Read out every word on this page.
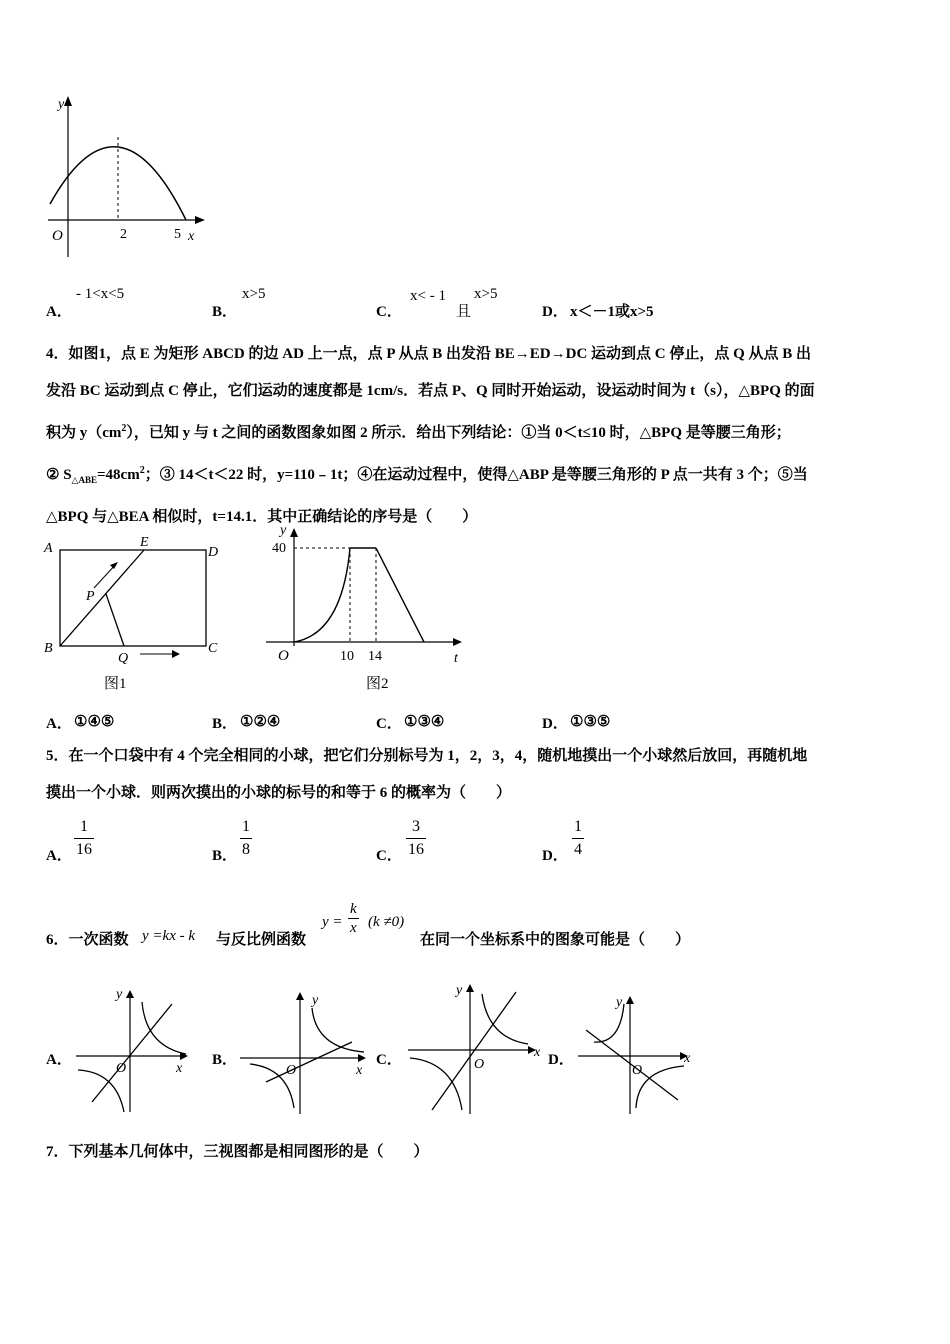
y
O	2	5 x
A．
- 1<x<5
B．
x>5
C．
x< - 1
且
x>5
D． x＜－1或x>5
4．如图1，点 E 为矩形 ABCD 的边 AD 上一点，点 P 从点 B 出发沿 BE→ED→DC 运动到点 C 停止，点 Q 从点 B 出
发沿 BC 运动到点 C 停止，它们运动的速度都是 1cm/s．若点 P、Q 同时开始运动，设运动时间为 t（s），△BPQ 的面
积为 $y(cm^2)$，已知 y 与 t 之间的函数图象如图 2 所示．给出下列结论：①当 0＜t≤10 时，△BPQ 是等腰三角形；
② $S_{\triangle ABE}=48cm^2$；③ 14＜t＜22 时，y=110﹣1t；④在运动过程中，使得△ABP 是等腰三角形的 P 点一共有 3 个；⑤当
△BPQ 与△BEA 相似时，t=14.1．其中正确结论的序号是（　　）
A	E
D
P
B
Q
C
图1
y
40
O	10 14	t
图2
A． ①④⑤	B． ①②④	C． ①③④	D． ①③⑤
5．在一个口袋中有 4 个完全相同的小球，把它们分别标号为 1，2，3，4，随机地摸出一个小球然后放回，再随机地
摸出一个小球．则两次摸出的小球的标号的和等于 6 的概率为（　　）
A． $\frac{1}{16}$	B． $\frac{1}{8}$	C． $\frac{3}{16}$	D． $\frac{1}{4}$
6．一次函数 y =kx - k 与反比例函数
$y = \frac{k}{x} (k \ne 0)$
在同一个坐标系中的图象可能是（　　）
A．
y
O	x
B．
y
O	x
C．
y
O
x D．
y
O
x
7．下列基本几何体中，三视图都是相同图形的是（　　）
